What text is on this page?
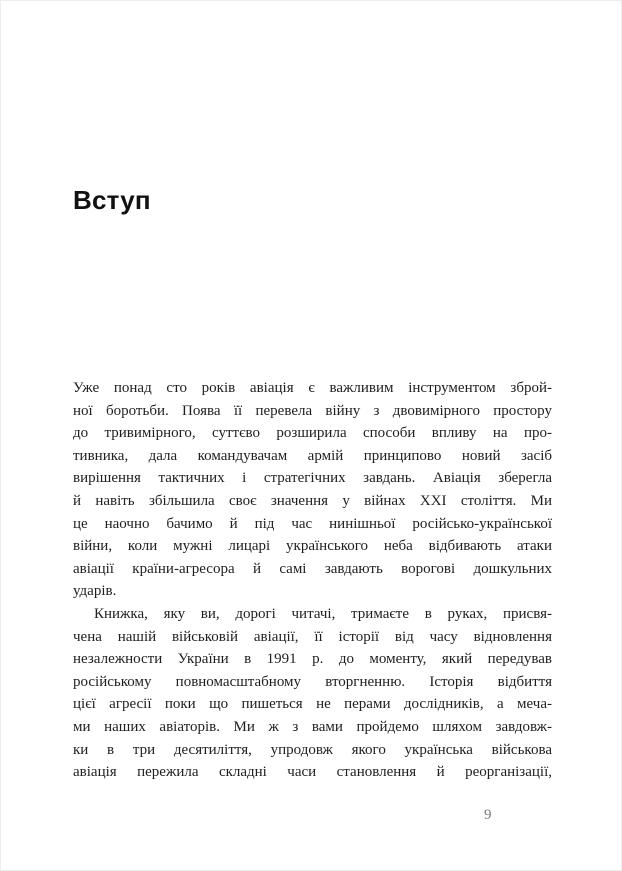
Вступ
Уже понад сто років авіація є важливим інструментом зброй-
ної боротьби. Поява її перевела війну з двовимірного простору
до тривимірного, суттєво розширила способи впливу на про-
тивника, дала командувачам армій принципово новий засіб
вирішення тактичних і стратегічних завдань. Авіація зберегла
й навіть збільшила своє значення у війнах XXI століття. Ми
це наочно бачимо й під час нинішньої російсько-української
війни, коли мужні лицарі українського неба відбивають атаки
авіації країни-агресора й самі завдають ворогові дошкульних
ударів.
Книжка, яку ви, дорогі читачі, тримаєте в руках, присвя-
чена нашій військовій авіації, її історії від часу відновлення
незалежности України в 1991 р. до моменту, який передував
російському повномасштабному вторгненню. Історія відбиття
цієї агресії поки що пишеться не перами дослідників, а меча-
ми наших авіаторів. Ми ж з вами пройдемо шляхом завдовж-
ки в три десятиліття, упродовж якого українська військова
авіація пережила складні часи становлення й реорганізації,
9
